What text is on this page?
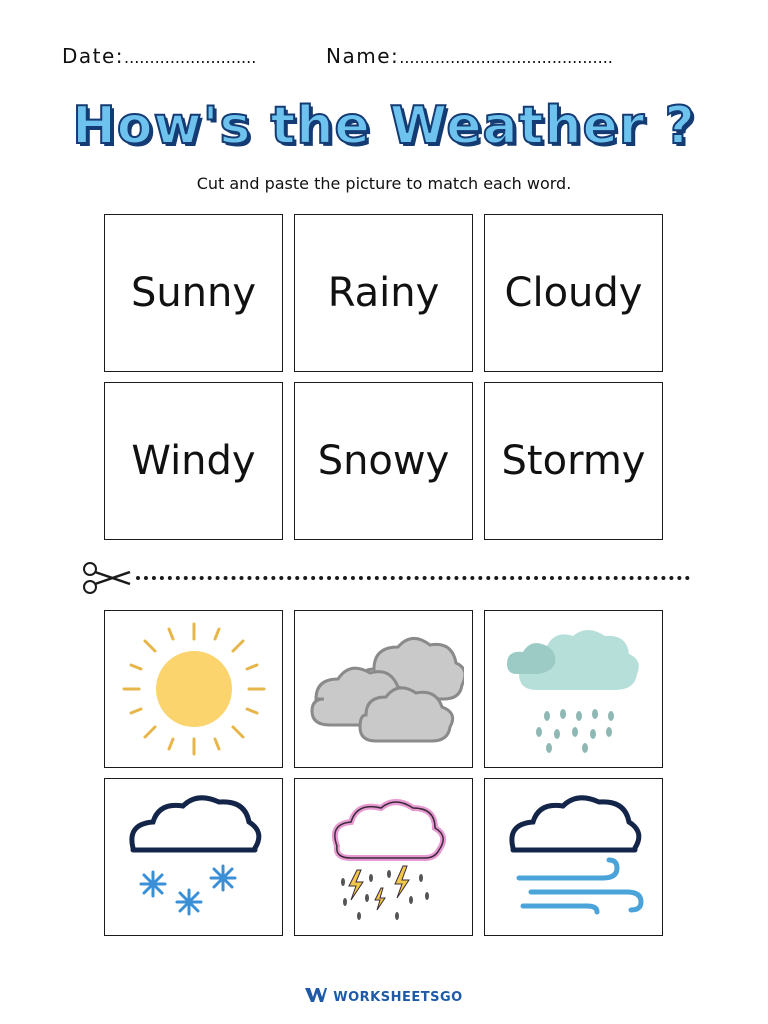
Date:..........................	Name:..........................................
How's the Weather ?
Cut and paste the picture to match each word.
Sunny Rainy Cloudy
Windy Snowy Stormy
WORKSHEETSGO
